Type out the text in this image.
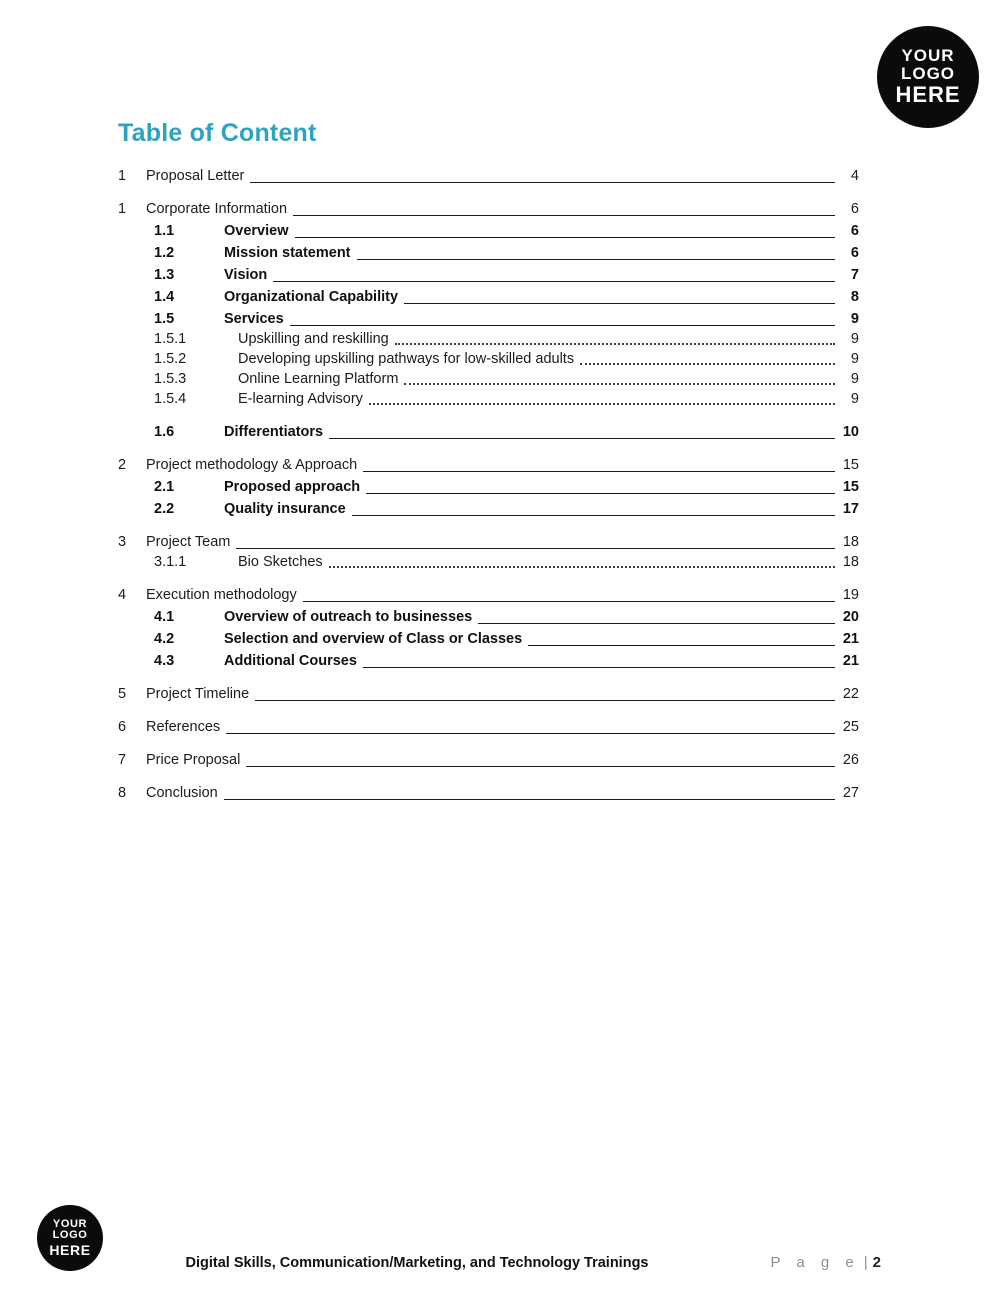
YOUR
LOGO
HERE
Table of Content
1	Proposal Letter	4
1	Corporate Information	6
1.1	Overview	6
1.2	Mission statement	6
1.3	Vision	7
1.4	Organizational Capability	8
1.5	Services	9
1.5.1	Upskilling and reskilling	9
1.5.2	Developing upskilling pathways for low-skilled adults	9
1.5.3	Online Learning Platform	9
1.5.4	E-learning Advisory	9
1.6	Differentiators	10
2	Project methodology & Approach	15
2.1	Proposed approach	15
2.2	Quality insurance	17
3	Project Team	18
3.1.1	Bio Sketches	18
4	Execution methodology	19
4.1	Overview of outreach to businesses	20
4.2	Selection and overview of Class or Classes	21
4.3	Additional Courses	21
5	Project Timeline	22
6	References	25
7	Price Proposal	26
8	Conclusion	27
Digital Skills, Communication/Marketing, and Technology Trainings	P a g e | 2
YOUR
LOGO
HERE
